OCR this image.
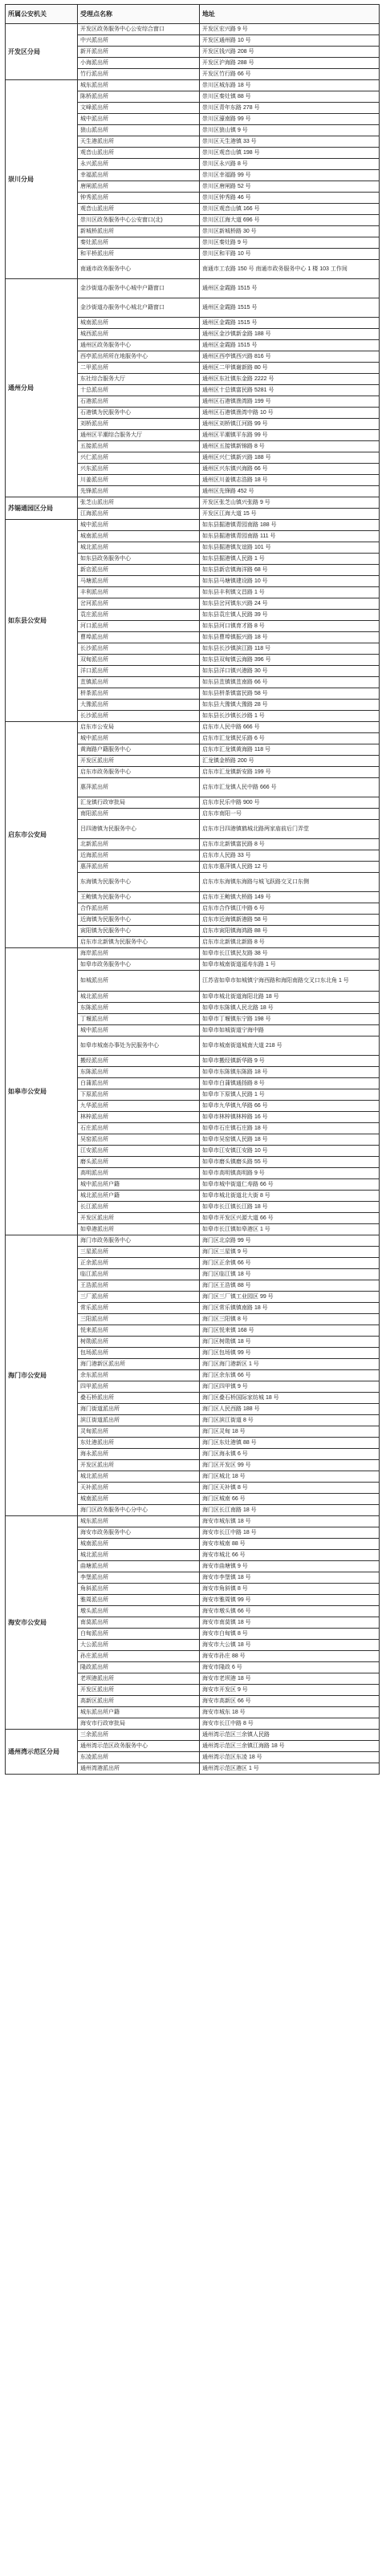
所属公安机关	受理点名称	地址
开发区分局	开发区政务服务中心公安综合窗口	开发区宏兴路 9 号
	中兴派出所	开发区通州路 10 号
	新开派出所	开发区钱兴路 208 号
	小海派出所	开发区沪海路 288 号
	竹行派出所	开发区竹行路 66 号
崇川分局	城东派出所	崇川区城东路 18 号
	陈桥派出所	崇川区秦灶镇 88 号
	文峰派出所	崇川区青年东路 278 号
	城中派出所	崇川区濠南路 99 号
	狼山派出所	崇川区狼山镇 9 号
	天生港派出所	崇川区天生港镇 33 号
	观音山派出所	崇川区观音山镇 198 号
	永兴派出所	崇川区永兴路 8 号
	幸福派出所	崇川区幸福路 99 号
	唐闸派出所	崇川区唐闸路 52 号
	钟秀派出所	崇川区钟秀路 46 号
	观音山派出所	崇川区观音山镇 166 号
	崇川区政务服务中心公安窗口(北)	崇川区江海大道 696 号
	新城桥派出所	崇川区新城桥路 30 号
	秦灶派出所	崇川区秦灶路 9 号
	和平桥派出所	崇川区和平路 10 号
	南通市政务服务中心	南通市工农路 150 号 南通市政务服务中心 1 楼 103 工作间
通州分局	金沙街道办服务中心城中户籍窗口	通州区金霞路 1515 号
	金沙街道办服务中心城北户籍窗口	通州区金霞路 1515 号
	城南派出所	通州区金霞路 1515 号
	城西派出所	通州区金沙镇新金路 188 号
	通州区政务服务中心	通州区金霞路 1515 号
	西亭派出所所在地服务中心	通州区西亭镇西兴路 816 号
	二甲派出所	通州区二甲镇谢新路 80 号
	东社综合服务大厅	通州区东社镇东金路 2222 号
	十总派出所	通州区十总镇富民路 5281 号
	石港派出所	通州区石港镇渔湾路 199 号
	石港镇为民服务中心	通州区石港镇渔湾中路 10 号
	刘桥派出所	通州区刘桥镇江河路 99 号
	通州区平潮综合服务大厅	通州区平潮镇平东路 99 号
	五接派出所	通州区五接镇新锦路 8 号
	兴仁派出所	通州区兴仁镇新兴路 188 号
	兴东派出所	通州区兴东镇兴海路 66 号
	川姜派出所	通州区川姜镇志浩路 18 号
	先锋派出所	通州区先锋路 452 号
苏锡通园区分局	张芝山派出所	开发区张芝山镇兴张路 9 号
	江海派出所	开发区江海大道 15 号
如东县公安局	城中派出所	如东县掘港镇青园南路 188 号
	城南派出所	如东县掘港镇青园南路 111 号
	城北派出所	如东县掘港镇友谊路 101 号
	如东县政务服务中心	如东县掘港镇人民路 1 号
	新店派出所	如东县新店镇海洋路 68 号
	马塘派出所	如东县马塘镇建设路 10 号
	丰利派出所	如东县丰利镇文昌路 1 号
	岔河派出所	如东县岔河镇东兴路 24 号
	袁庄派出所	如东县袁庄镇人民路 39 号
	河口派出所	如东县河口镇育才路 8 号
	曹埠派出所	如东县曹埠镇振兴路 18 号
	长沙派出所	如东县长沙镇滨江路 118 号
	双甸派出所	如东县双甸镇云海路 396 号
	洋口派出所	如东县洋口镇兴港路 30 号
	苴镇派出所	如东县苴镇镇苴南路 66 号
	栟茶派出所	如东县栟茶镇富民路 58 号
	大豫派出所	如东县大豫镇大豫路 28 号
	长沙派出所	如东县长沙镇长沙路 1 号
启东市公安局	启东市公安局	启东市人民中路 666 号
	城中派出所	启东市汇龙镇民乐路 6 号
	黄海路户籍服务中心	启东市汇龙镇黄海路 118 号
	开发区派出所	汇龙镇金桥路 200 号
	启东市政务服务中心	启东市汇龙镇新安路 199 号
	惠萍派出所	启东市汇龙镇人民中路 666 号
	汇龙镇行政审批局	启东市民乐中路 900 号
	南阳派出所	启东市南阳一号
	吕四港镇为民服务中心	启东市吕四港镇鹤城北路两家庙前后门弄堂
	北新派出所	启东市北新镇富民路 8 号
	近海派出所	启东市人民路 33 号
	惠萍派出所	启东市惠萍镇人民路 12 号
	东海镇为民服务中心	启东市东海镇东海路与城飞跃路交叉口东侧
	王鲍镇为民服务中心	启东市王鲍镇大桥路 149 号
	合作派出所	启东市合作镇江中路 6 号
	近海镇为民服务中心	启东市近海镇新港路 58 号
	寅阳镇为民服务中心	启东市寅阳镇海鸿路 88 号
	启东市北新镇为民服务中心	启东市北新镇北新路 8 号
如皋市公安局	海岸派出所	如皋市长江镇民友路 38 号
	如皋市政务服务中心	如皋市城南街道福寿东路 1 号
	如城派出所	江苏省如皋市如城镇宁海西路和海阳南路交叉口东北角 1 号
	城北派出所	如皋市城北街道海阳北路 18 号
	东陈派出所	如皋市东陈镇人民北路 18 号
	丁堰派出所	如皋市丁堰镇东宁路 198 号
	城中派出所	如皋市如城街道宁海中路
	如皋市城南办事处为民服务中心	如皋市城南街道城南大道 218 号
	搬经派出所	如皋市搬经镇新华路 9 号
	东陈派出所	如皋市东陈镇东陈路 18 号
	白蒲派出所	如皋市白蒲镇通扬路 8 号
	下原派出所	如皋市下原镇人民路 1 号
	九华派出所	如皋市九华镇九华路 66 号
	林梓派出所	如皋市林梓镇林梓路 16 号
	石庄派出所	如皋市石庄镇石庄路 18 号
	吴窑派出所	如皋市吴窑镇人民路 18 号
	江安派出所	如皋市江安镇江安路 10 号
	磨头派出所	如皋市磨头镇磨头路 55 号
	高明派出所	如皋市高明镇高明路 9 号
	城中派出所户籍	如皋市城中街道仁寿路 66 号
	城北派出所户籍	如皋市城北街道北大街 8 号
	长江派出所	如皋市长江镇长江路 18 号
	开发区派出所	如皋市开发区兴源大道 66 号
	如皋港派出所	如皋市长江镇如皋港区 1 号
海门市公安局	海门市政务服务中心	海门区北京路 99 号
	三星派出所	海门区三星镇 9 号
	正余派出所	海门区正余镇 66 号
	临江派出所	海门区临江镇 18 号
	王浩派出所	海门区王浩镇 88 号
	三厂派出所	海门区三厂镇工业园区 99 号
	常乐派出所	海门区常乐镇镇南路 18 号
	三阳派出所	海门区三阳镇 8 号
	悦来派出所	海门区悦来镇 168 号
	树勋派出所	海门区树勋镇 18 号
	包场派出所	海门区包场镇 99 号
	海门港新区派出所	海门区海门港新区 1 号
	余东派出所	海门区余东镇 66 号
	四甲派出所	海门区四甲镇 9 号
	叠石桥派出所	海门区叠石桥国际家纺城 18 号
	海门街道派出所	海门区人民西路 188 号
	滨江街道派出所	海门区滨江街道 8 号
	灵甸派出所	海门区灵甸 18 号
	东灶港派出所	海门区东灶港镇 88 号
	海永派出所	海门区海永镇 6 号
	开发区派出所	海门区开发区 99 号
	城北派出所	海门区城北 18 号
	天补派出所	海门区天补镇 8 号
	城南派出所	海门区城南 66 号
	海门区政务服务中心分中心	海门区长江南路 18 号
海安市公安局	城东派出所	海安市城东镇 18 号
	海安市政务服务中心	海安市长江中路 18 号
	城南派出所	海安市城南 88 号
	城北派出所	海安市城北 66 号
	曲塘派出所	海安市曲塘镇 9 号
	李堡派出所	海安市李堡镇 18 号
	角斜派出所	海安市角斜镇 8 号
	雅周派出所	海安市雅周镇 99 号
	墩头派出所	海安市墩头镇 66 号
	南莫派出所	海安市南莫镇 18 号
	白甸派出所	海安市白甸镇 8 号
	大公派出所	海安市大公镇 18 号
	孙庄派出所	海安市孙庄 88 号
	隆政派出所	海安市隆政 6 号
	老坝港派出所	海安市老坝港 18 号
	开发区派出所	海安市开发区 9 号
	高新区派出所	海安市高新区 66 号
	城东派出所户籍	海安市城东 18 号
	海安市行政审批局	海安市长江中路 8 号
通州湾示范区分局	三余派出所	通州湾示范区三余镇人民路
	通州湾示范区政务服务中心	通州湾示范区三余镇江海路 18 号
	东凌派出所	通州湾示范区东凌 18 号
	通州湾港派出所	通州湾示范区港区 1 号
